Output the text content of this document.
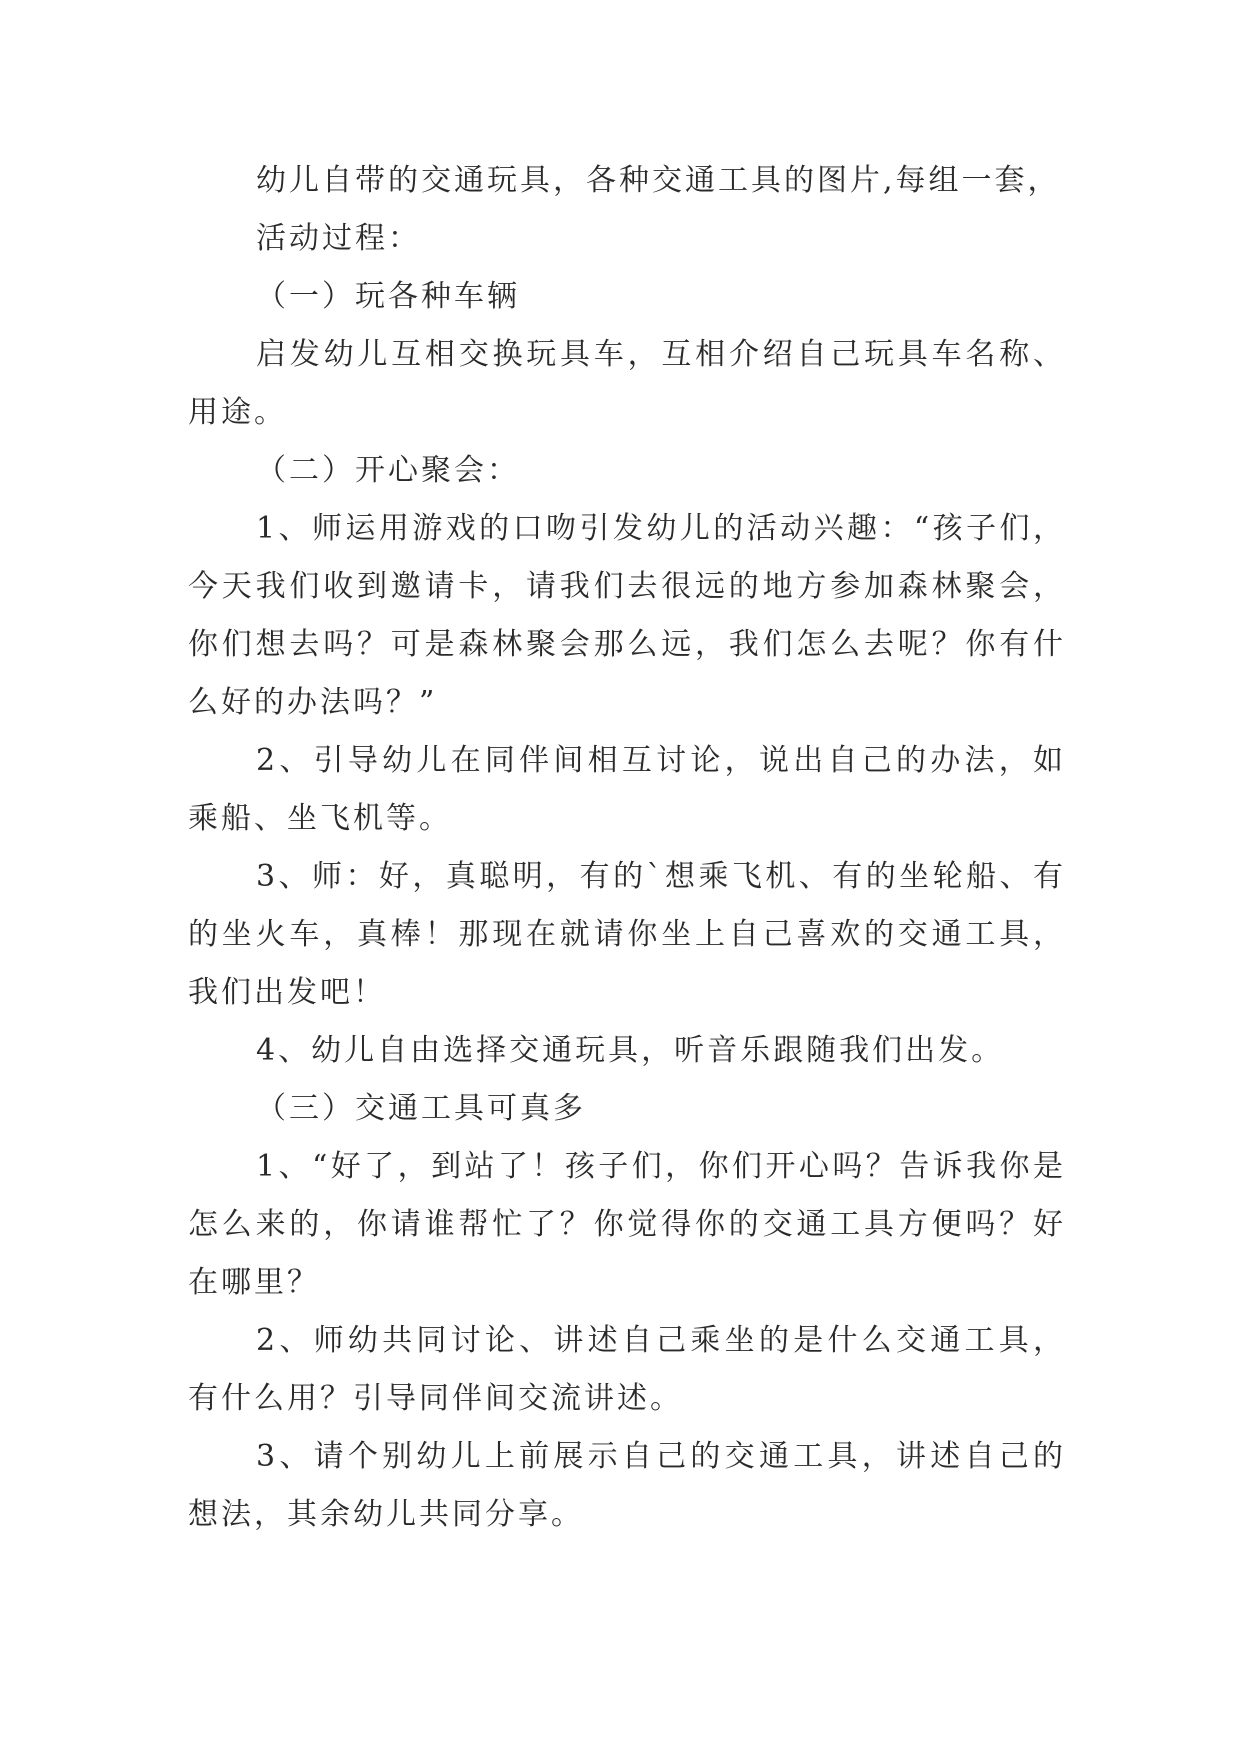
幼儿自带的交通玩具，各种交通工具的图片,每组一套，

活动过程：

（一）玩各种车辆

启发幼儿互相交换玩具车，互相介绍自己玩具车名称、用途。

（二）开心聚会：

1、师运用游戏的口吻引发幼儿的活动兴趣：“孩子们，今天我们收到邀请卡，请我们去很远的地方参加森林聚会，你们想去吗？可是森林聚会那么远，我们怎么去呢？你有什么好的办法吗？”

2、引导幼儿在同伴间相互讨论，说出自己的办法，如乘船、坐飞机等。

3、师：好，真聪明，有的`想乘飞机、有的坐轮船、有的坐火车，真棒！那现在就请你坐上自己喜欢的交通工具，我们出发吧！

4、幼儿自由选择交通玩具，听音乐跟随我们出发。

（三）交通工具可真多

1、“好了，到站了！孩子们，你们开心吗？告诉我你是怎么来的，你请谁帮忙了？你觉得你的交通工具方便吗？好在哪里？

2、师幼共同讨论、讲述自己乘坐的是什么交通工具，有什么用？引导同伴间交流讲述。

3、请个别幼儿上前展示自己的交通工具，讲述自己的想法，其余幼儿共同分享。
